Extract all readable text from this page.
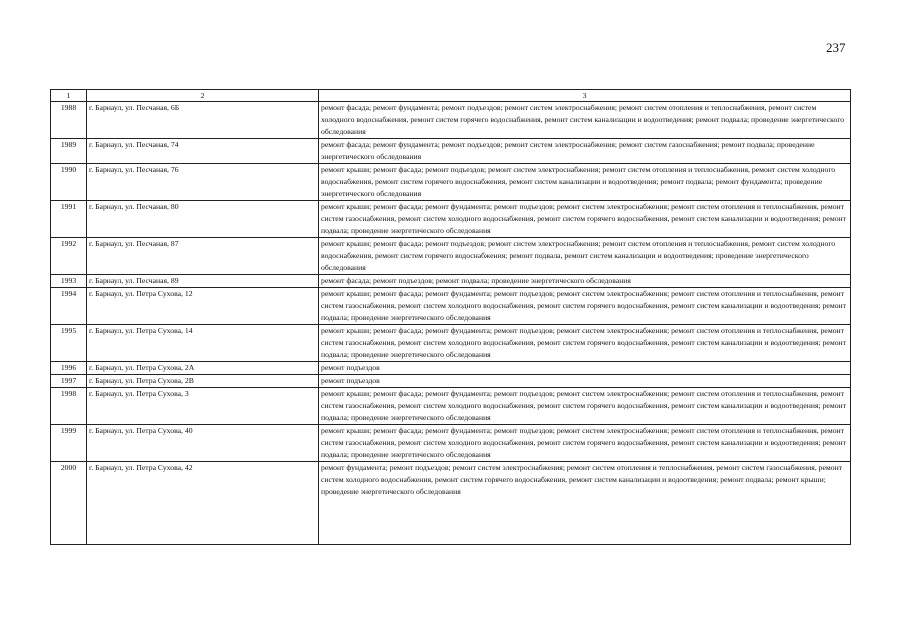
237
1	2	3
1988	г. Барнаул, ул. Песчаная, 6Б	ремонт фасада; ремонт фундамента; ремонт подъездов; ремонт систем электроснабжения; ремонт систем отопления и теплоснабжения, ремонт систем холодного водоснабжения, ремонт систем горячего водоснабжения, ремонт систем канализации и водоотведения; ремонт подвала; проведение энергетического обследования
1989	г. Барнаул, ул. Песчаная, 74	ремонт фасада; ремонт фундамента; ремонт подъездов; ремонт систем электроснабжения; ремонт систем газоснабжения; ремонт подвала; проведение энергетического обследования
1990	г. Барнаул, ул. Песчаная, 76	ремонт крыши; ремонт фасада; ремонт подъездов; ремонт систем электроснабжения; ремонт систем отопления и теплоснабжения, ремонт систем холодного водоснабжения, ремонт систем горячего водоснабжения, ремонт систем канализации и водоотведения; ремонт подвала; ремонт фундамента; проведение энергетического обследования
1991	г. Барнаул, ул. Песчаная, 80	ремонт крыши; ремонт фасада; ремонт фундамента; ремонт подъездов; ремонт систем электроснабжения; ремонт систем отопления и теплоснабжения, ремонт систем газоснабжения, ремонт систем холодного водоснабжения, ремонт систем горячего водоснабжения, ремонт систем канализации и водоотведения; ремонт подвала; проведение энергетического обследования
1992	г. Барнаул, ул. Песчаная, 87	ремонт крыши; ремонт фасада; ремонт подъездов; ремонт систем электроснабжения; ремонт систем отопления и теплоснабжения, ремонт систем холодного водоснабжения, ремонт систем горячего водоснабжения; ремонт подвала, ремонт систем канализации и водоотведения; проведение энергетического обследования
1993	г. Барнаул, ул. Песчаная, 89	ремонт фасада; ремонт подъездов; ремонт подвала; проведение энергетического обследования
1994	г. Барнаул, ул. Петра Сухова, 12	ремонт крыши; ремонт фасада; ремонт фундамента; ремонт подъездов; ремонт систем электроснабжения; ремонт систем отопления и теплоснабжения, ремонт систем газоснабжения, ремонт систем холодного водоснабжения, ремонт систем горячего водоснабжения, ремонт систем канализации и водоотведения; ремонт подвала; проведение энергетического обследования
1995	г. Барнаул, ул. Петра Сухова, 14	ремонт крыши; ремонт фасада; ремонт фундамента; ремонт подъездов; ремонт систем электроснабжения; ремонт систем отопления и теплоснабжения, ремонт систем газоснабжения, ремонт систем холодного водоснабжения, ремонт систем горячего водоснабжения, ремонт систем канализации и водоотведения; ремонт подвала; проведение энергетического обследования
1996	г. Барнаул, ул. Петра Сухова, 2А	ремонт подъездов
1997	г. Барнаул, ул. Петра Сухова, 2В	ремонт подъездов
1998	г. Барнаул, ул. Петра Сухова, 3	ремонт крыши; ремонт фасада; ремонт фундамента; ремонт подъездов; ремонт систем электроснабжения; ремонт систем отопления и теплоснабжения, ремонт систем газоснабжения, ремонт систем холодного водоснабжения, ремонт систем горячего водоснабжения, ремонт систем канализации и водоотведения; ремонт подвала; проведение энергетического обследования
1999	г. Барнаул, ул. Петра Сухова, 40	ремонт крыши; ремонт фасада; ремонт фундамента; ремонт подъездов; ремонт систем электроснабжения; ремонт систем отопления и теплоснабжения, ремонт систем газоснабжения, ремонт систем холодного водоснабжения, ремонт систем горячего водоснабжения, ремонт систем канализации и водоотведения; ремонт подвала; проведение энергетического обследования
2000	г. Барнаул, ул. Петра Сухова, 42	ремонт фундамента; ремонт подъездов; ремонт систем электроснабжения; ремонт систем отопления и теплоснабжения, ремонт систем газоснабжения, ремонт систем холодного водоснабжения, ремонт систем горячего водоснабжения, ремонт систем канализации и водоотведения; ремонт подвала; ремонт крыши; проведение энергетического обследования
